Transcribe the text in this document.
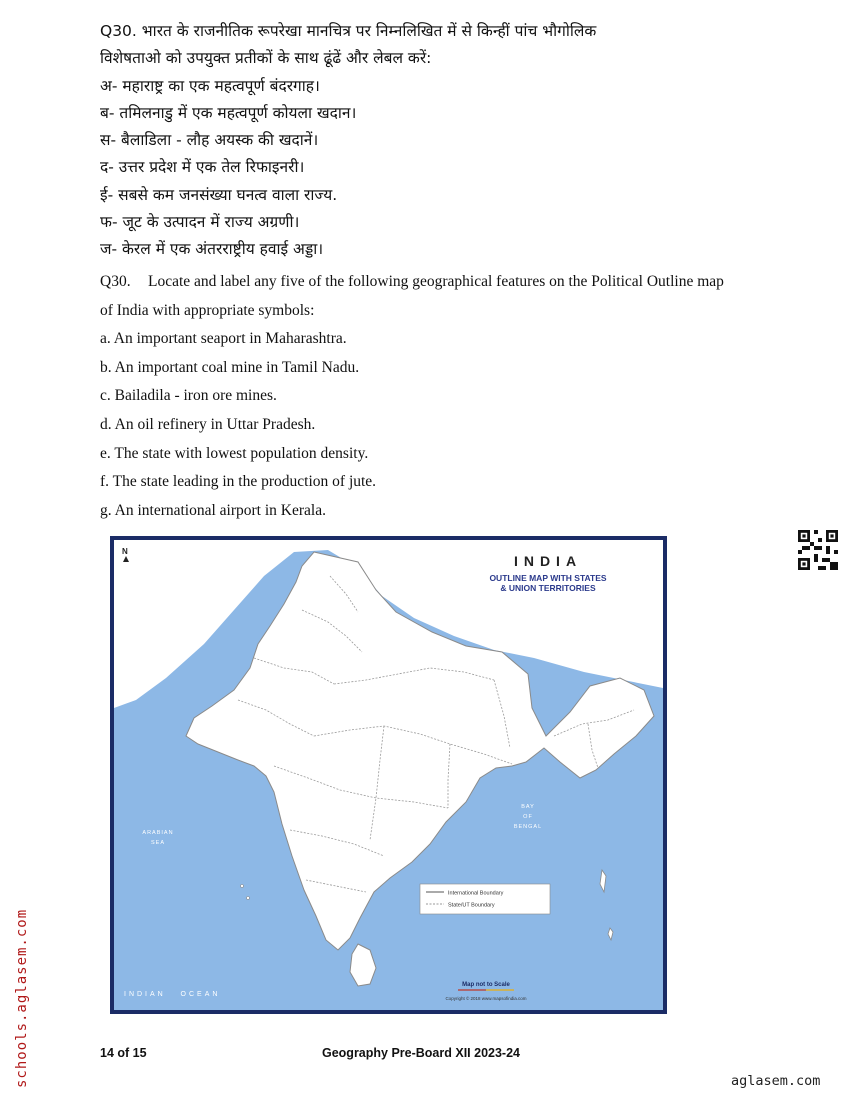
Q30. भारत के राजनीतिक रूपरेखा मानचित्र पर निम्नलिखित में से किन्हीं पांच भौगोलिक
विशेषताओ को उपयुक्त प्रतीकों के साथ ढूंढें और लेबल करें:
अ- महाराष्ट्र का एक महत्वपूर्ण बंदरगाह।
ब- तमिलनाडु में एक महत्वपूर्ण कोयला खदान।
स- बैलाडिला - लौह अयस्क की खदानें।
द- उत्तर प्रदेश में एक तेल रिफाइनरी।
ई- सबसे कम जनसंख्या घनत्व वाला राज्य.
फ- जूट के उत्पादन में राज्य अग्रणी।
ज- केरल में एक अंतरराष्ट्रीय हवाई अड्डा।
Q30. Locate and label any five of the following geographical features on the Political Outline map
of India with appropriate symbols:
a. An important seaport in Maharashtra.
b. An important coal mine in Tamil Nadu.
c. Bailadila - iron ore mines.
d. An oil refinery in Uttar Pradesh.
e. The state with lowest population density.
f. The state leading in the production of jute.
g. An international airport in Kerala.
N
INDIA
OUTLINE MAP WITH STATES
& UNION TERRITORIES
ARABIAN
SEA
BAY
OF
BENGAL
INDIAN   OCEAN
International Boundary
State/UT Boundary
Map not to Scale
Copyright © 2018 www.mapsofindia.com
schools.aglasem.com	14 of 15	Geography Pre-Board XII 2023-24
aglasem.com
